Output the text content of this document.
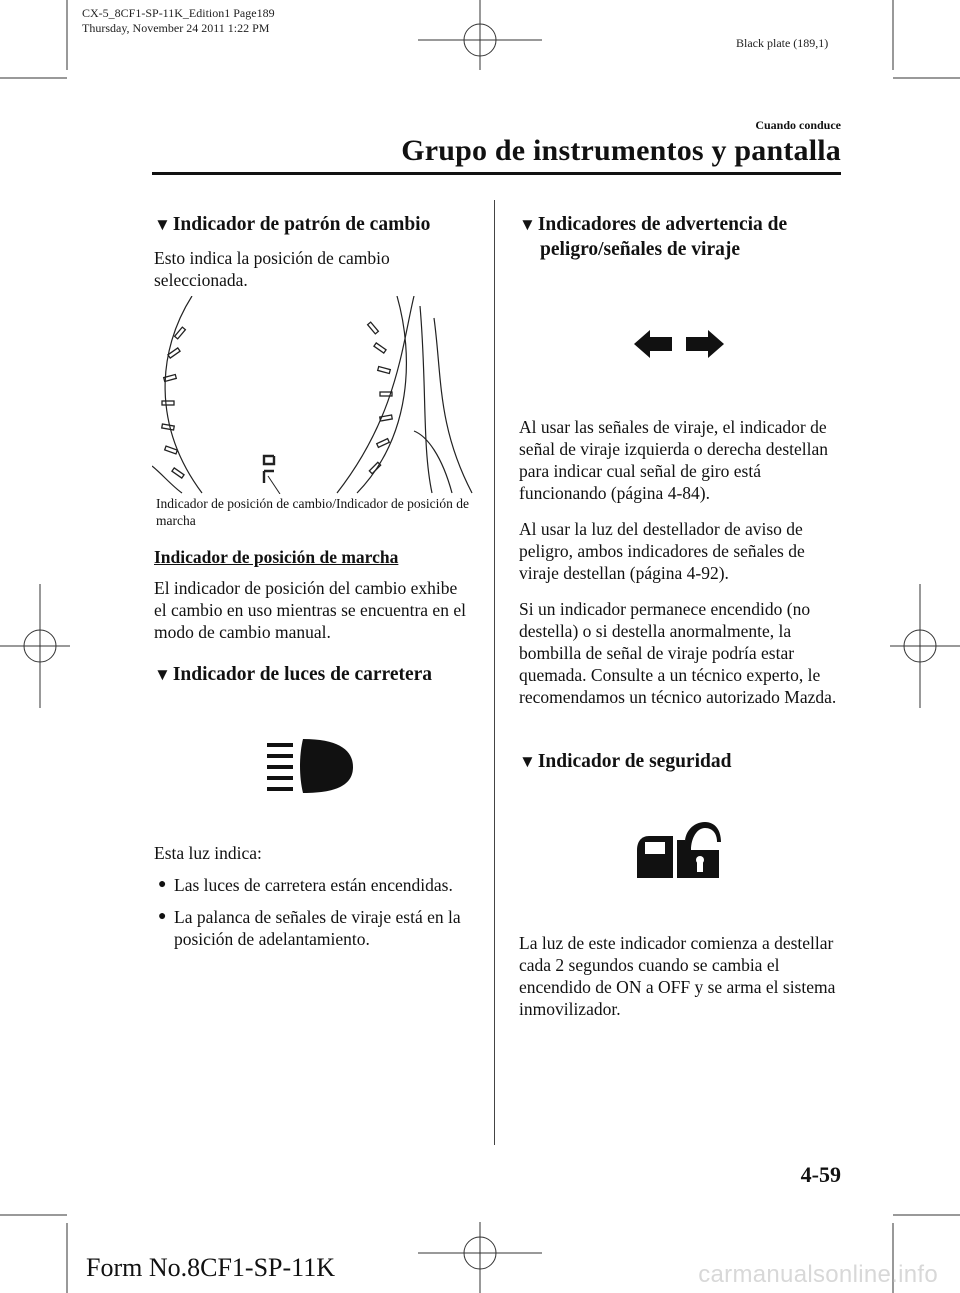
CX-5_8CF1-SP-11K_Edition1 Page189
Thursday, November 24 2011 1:22 PM
Black plate (189,1)
Cuando conduce
Grupo de instrumentos y pantalla
▼ Indicador de patrón de cambio

Esto indica la posición de cambio seleccionada.

Indicador de posición de cambio/Indicador de posición de marcha
Indicador de posición de marcha

El indicador de posición del cambio exhibe el cambio en uso mientras se encuentra en el modo de cambio manual.

▼ Indicador de luces de carretera

Esta luz indica:

● Las luces de carretera están encendidas.
● La palanca de señales de viraje está en la posición de adelantamiento.
▼ Indicadores de advertencia de
peligro/señales de viraje

Al usar las señales de viraje, el indicador de señal de viraje izquierda o derecha destellan para indicar cual señal de giro está funcionando (página 4-84).

Al usar la luz del destellador de aviso de peligro, ambos indicadores de señales de viraje destellan (página 4-92).

Si un indicador permanece encendido (no destella) o si destella anormalmente, la bombilla de señal de viraje podría estar quemada. Consulte a un técnico experto, le recomendamos un técnico autorizado Mazda.

▼ Indicador de seguridad

La luz de este indicador comienza a destellar cada 2 segundos cuando se cambia el encendido de ON a OFF y se arma el sistema inmovilizador.

4-59
Form No.8CF1-SP-11K	carmanualsonline.info
